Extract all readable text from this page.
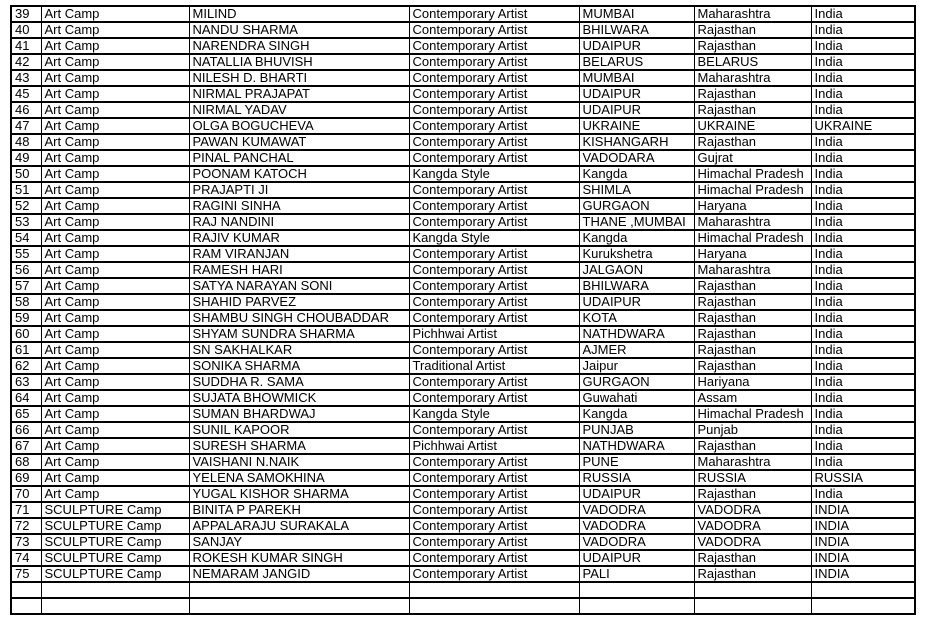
39	Art Camp	MILIND	Contemporary Artist	MUMBAI	Maharashtra	India
40	Art Camp	NANDU SHARMA	Contemporary Artist	BHILWARA	Rajasthan	India
41	Art Camp	NARENDRA SINGH	Contemporary Artist	UDAIPUR	Rajasthan	India
42	Art Camp	NATALLIA BHUVISH	Contemporary Artist	BELARUS	BELARUS	India
43	Art Camp	NILESH D. BHARTI	Contemporary Artist	MUMBAI	Maharashtra	India
45	Art Camp	NIRMAL PRAJAPAT	Contemporary Artist	UDAIPUR	Rajasthan	India
46	Art Camp	NIRMAL YADAV	Contemporary Artist	UDAIPUR	Rajasthan	India
47	Art Camp	OLGA BOGUCHEVA	Contemporary Artist	UKRAINE	UKRAINE	UKRAINE
48	Art Camp	PAWAN KUMAWAT	Contemporary Artist	KISHANGARH	Rajasthan	India
49	Art Camp	PINAL PANCHAL	Contemporary Artist	VADODARA	Gujrat	India
50	Art Camp	POONAM KATOCH	Kangda Style	Kangda	Himachal Pradesh	India
51	Art Camp	PRAJAPTI JI	Contemporary Artist	SHIMLA	Himachal Pradesh	India
52	Art Camp	RAGINI SINHA	Contemporary Artist	GURGAON	Haryana	India
53	Art Camp	RAJ NANDINI	Contemporary Artist	THANE ,MUMBAI	Maharashtra	India
54	Art Camp	RAJIV KUMAR	Kangda Style	Kangda	Himachal Pradesh	India
55	Art Camp	RAM VIRANJAN	Contemporary Artist	Kurukshetra	Haryana	India
56	Art Camp	RAMESH HARI	Contemporary Artist	JALGAON	Maharashtra	India
57	Art Camp	SATYA NARAYAN SONI	Contemporary Artist	BHILWARA	Rajasthan	India
58	Art Camp	SHAHID PARVEZ	Contemporary Artist	UDAIPUR	Rajasthan	India
59	Art Camp	SHAMBU SINGH CHOUBADDAR	Contemporary Artist	KOTA	Rajasthan	India
60	Art Camp	SHYAM SUNDRA SHARMA	Pichhwai Artist	NATHDWARA	Rajasthan	India
61	Art Camp	SN SAKHALKAR	Contemporary Artist	AJMER	Rajasthan	India
62	Art Camp	SONIKA SHARMA	Traditional Artist	Jaipur	Rajasthan	India
63	Art Camp	SUDDHA R. SAMA	Contemporary Artist	GURGAON	Hariyana	India
64	Art Camp	SUJATA BHOWMICK	Contemporary Artist	Guwahati	Assam	India
65	Art Camp	SUMAN BHARDWAJ	Kangda Style	Kangda	Himachal Pradesh	India
66	Art Camp	SUNIL KAPOOR	Contemporary Artist	PUNJAB	Punjab	India
67	Art Camp	SURESH SHARMA	Pichhwai Artist	NATHDWARA	Rajasthan	India
68	Art Camp	VAISHANI N.NAIK	Contemporary Artist	PUNE	Maharashtra	India
69	Art Camp	YELENA SAMOKHINA	Contemporary Artist	RUSSIA	RUSSIA	RUSSIA
70	Art Camp	YUGAL KISHOR SHARMA	Contemporary Artist	UDAIPUR	Rajasthan	India
71	SCULPTURE Camp	BINITA P PAREKH	Contemporary Artist	VADODRA	VADODRA	INDIA
72	SCULPTURE Camp	APPALARAJU SURAKALA	Contemporary Artist	VADODRA	VADODRA	INDIA
73	SCULPTURE Camp	SANJAY	Contemporary Artist	VADODRA	VADODRA	INDIA
74	SCULPTURE Camp	ROKESH KUMAR SINGH	Contemporary Artist	UDAIPUR	Rajasthan	INDIA
75	SCULPTURE Camp	NEMARAM JANGID	Contemporary Artist	PALI	Rajasthan	INDIA
